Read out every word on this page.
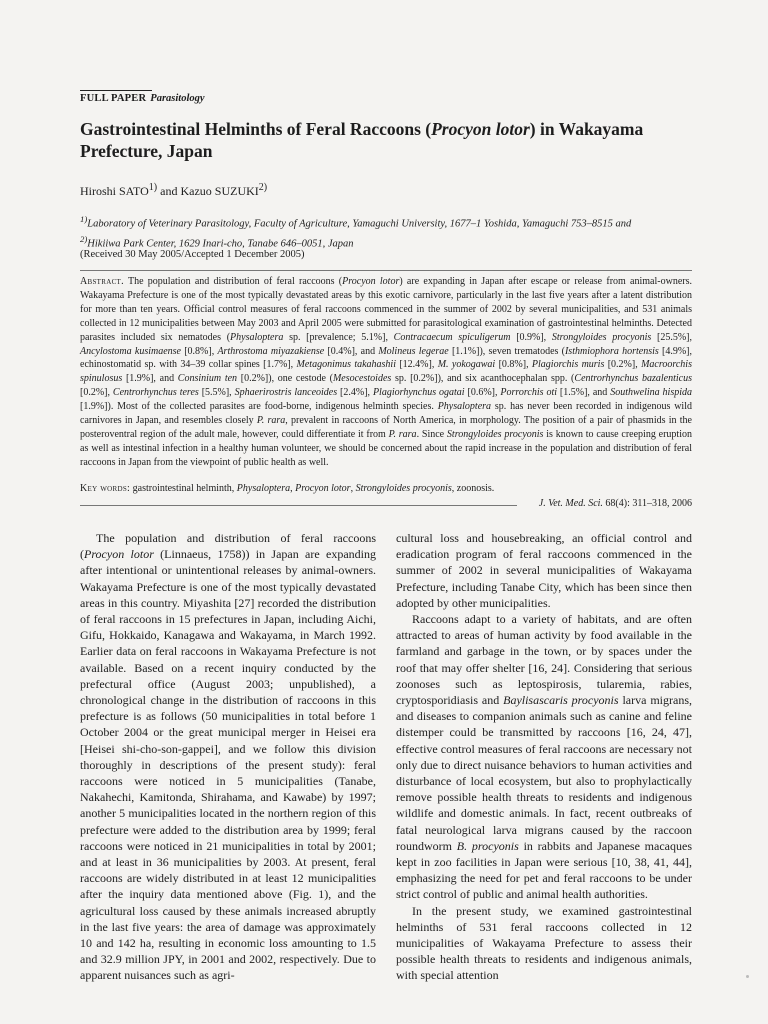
FULL PAPER Parasitology
Gastrointestinal Helminths of Feral Raccoons (Procyon lotor) in Wakayama Prefecture, Japan
Hiroshi SATO$^{1)}$ and Kazuo SUZUKI$^{2)}$
$^{1)}$Laboratory of Veterinary Parasitology, Faculty of Agriculture, Yamaguchi University, 1677–1 Yoshida, Yamaguchi 753–8515 and
$^{2)}$Hikiiwa Park Center, 1629 Inari-cho, Tanabe 646–0051, Japan
(Received 30 May 2005/Accepted 1 December 2005)
Abstract. The population and distribution of feral raccoons (Procyon lotor) are expanding in Japan after escape or release from animal-owners. Wakayama Prefecture is one of the most typically devastated areas by this exotic carnivore, particularly in the last five years after a latent distribution for more than ten years. Official control measures of feral raccoons commenced in the summer of 2002 by several municipalities, and 531 animals collected in 12 municipalities between May 2003 and April 2005 were submitted for parasitological examination of gastrointestinal helminths. Detected parasites included six nematodes (Physaloptera sp. [prevalence; 5.1%], Contracaecum spiculigerum [0.9%], Strongyloides procyonis [25.5%], Ancylostoma kusimaense [0.8%], Arthrostoma miyazakiense [0.4%], and Molineus legerae [1.1%]), seven trematodes (Isthmiophora hortensis [4.9%], echinostomatid sp. with 34–39 collar spines [1.7%], Metagonimus takahashii [12.4%], M. yokogawai [0.8%], Plagiorchis muris [0.2%], Macroorchis spinulosus [1.9%], and Consinium ten [0.2%]), one cestode (Mesocestoides sp. [0.2%]), and six acanthocephalan spp. (Centrorhynchus bazalenticus [0.2%], Centrorhynchus teres [5.5%], Sphaerirostris lanceoides [2.4%], Plagiorhynchus ogatai [0.6%], Porrorchis oti [1.5%], and Southwelina hispida [1.9%]). Most of the collected parasites are food-borne, indigenous helminth species. Physaloptera sp. has never been recorded in indigenous wild carnivores in Japan, and resembles closely P. rara, prevalent in raccoons of North America, in morphology. The position of a pair of phasmids in the posteroventral region of the adult male, however, could differentiate it from P. rara. Since Strongyloides procyonis is known to cause creeping eruption as well as intestinal infection in a healthy human volunteer, we should be concerned about the rapid increase in the population and distribution of feral raccoons in Japan from the viewpoint of public health as well.
Key words: gastrointestinal helminth, Physaloptera, Procyon lotor, Strongyloides procyonis, zoonosis.
J. Vet. Med. Sci. 68(4): 311–318, 2006

The population and distribution of feral raccoons (Procyon lotor (Linnaeus, 1758)) in Japan are expanding after intentional or unintentional releases by animal-owners. Wakayama Prefecture is one of the most typically devastated areas in this country. Miyashita [27] recorded the distribution of feral raccoons in 15 prefectures in Japan, including Aichi, Gifu, Hokkaido, Kanagawa and Wakayama, in March 1992. Earlier data on feral raccoons in Wakayama Prefecture is not available. Based on a recent inquiry conducted by the prefectural office (August 2003; unpublished), a chronological change in the distribution of raccoons in this prefecture is as follows (50 municipalities in total before 1 October 2004 or the great municipal merger in Heisei era [Heisei shi-cho-son-gappei], and we follow this division thoroughly in descriptions of the present study): feral raccoons were noticed in 5 municipalities (Tanabe, Nakahechi, Kamitonda, Shirahama, and Kawabe) by 1997; another 5 municipalities located in the northern region of this prefecture were added to the distribution area by 1999; feral raccoons were noticed in 21 municipalities in total by 2001; and at least in 36 municipalities by 2003. At present, feral raccoons are widely distributed in at least 12 municipalities after the inquiry data mentioned above (Fig. 1), and the agricultural loss caused by these animals increased abruptly in the last five years: the area of damage was approximately 10 and 142 ha, resulting in economic loss amounting to 1.5 and 32.9 million JPY, in 2001 and 2002, respectively. Due to apparent nuisances such as agri-

cultural loss and housebreaking, an official control and eradication program of feral raccoons commenced in the summer of 2002 in several municipalities of Wakayama Prefecture, including Tanabe City, which has been since then adopted by other municipalities.

Raccoons adapt to a variety of habitats, and are often attracted to areas of human activity by food available in the farmland and garbage in the town, or by spaces under the roof that may offer shelter [16, 24]. Considering that serious zoonoses such as leptospirosis, tularemia, rabies, cryptosporidiasis and Baylisascaris procyonis larva migrans, and diseases to companion animals such as canine and feline distemper could be transmitted by raccoons [16, 24, 47], effective control measures of feral raccoons are necessary not only due to direct nuisance behaviors to human activities and disturbance of local ecosystem, but also to prophylactically remove possible health threats to residents and indigenous wildlife and domestic animals. In fact, recent outbreaks of fatal neurological larva migrans caused by the raccoon roundworm B. procyonis in rabbits and Japanese macaques kept in zoo facilities in Japan were serious [10, 38, 41, 44], emphasizing the need for pet and feral raccoons to be under strict control of public and animal health authorities.

In the present study, we examined gastrointestinal helminths of 531 feral raccoons collected in 12 municipalities of Wakayama Prefecture to assess their possible health threats to residents and indigenous animals, with special attention
